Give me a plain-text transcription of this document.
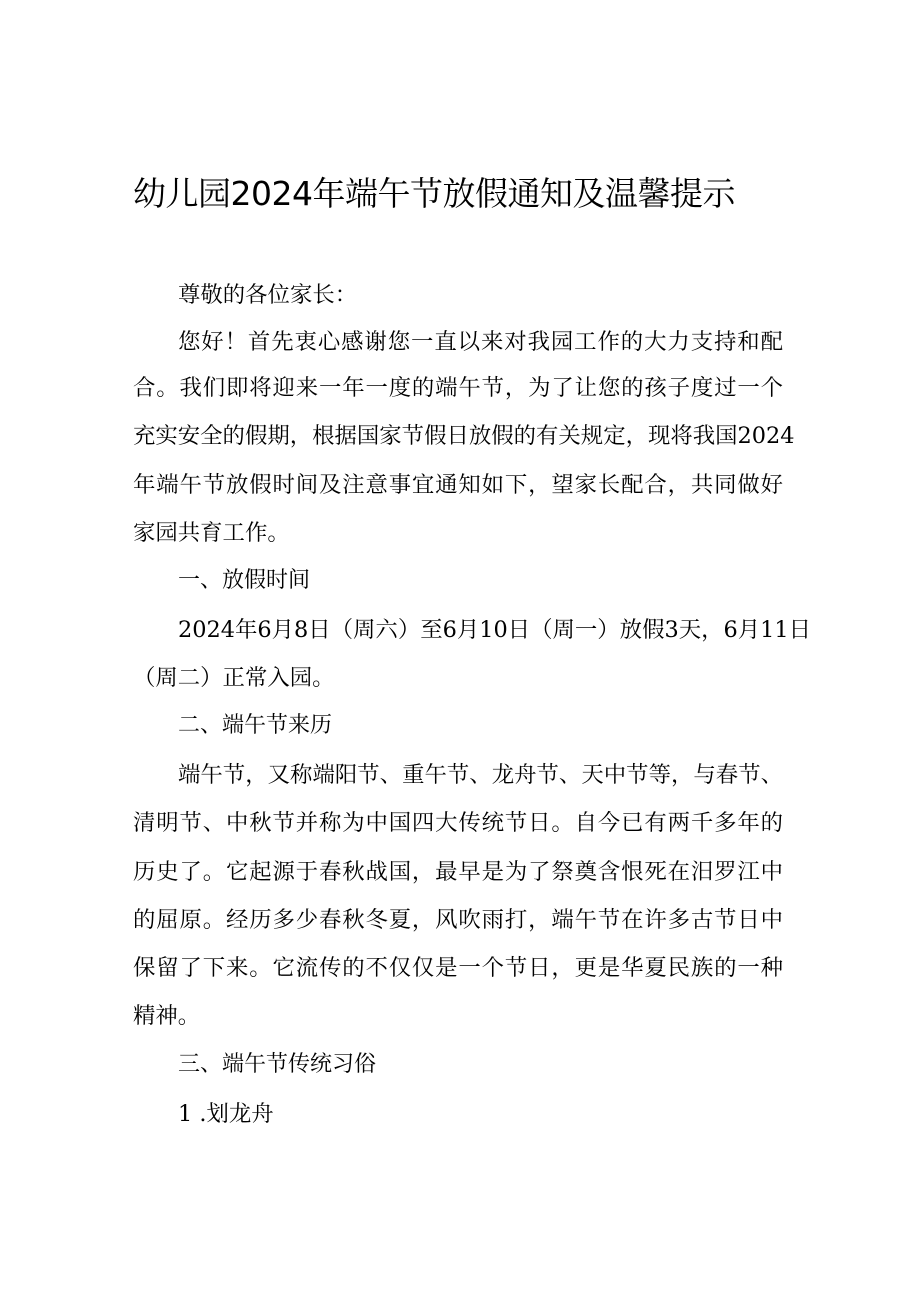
幼儿园2024年端午节放假通知及温馨提示
尊敬的各位家长：
您好！首先衷心感谢您一直以来对我园工作的大力支持和配
合。我们即将迎来一年一度的端午节，为了让您的孩子度过一个
充实安全的假期，根据国家节假日放假的有关规定，现将我国2024
年端午节放假时间及注意事宜通知如下，望家长配合，共同做好
家园共育工作。
一、放假时间
2024年6月8日（周六）至6月10日（周一）放假3天，6月11日
（周二）正常入园。
二、端午节来历
端午节，又称端阳节、重午节、龙舟节、天中节等，与春节、
清明节、中秋节并称为中国四大传统节日。自今已有两千多年的
历史了。它起源于春秋战国，最早是为了祭奠含恨死在汨罗江中
的屈原。经历多少春秋冬夏，风吹雨打，端午节在许多古节日中
保留了下来。它流传的不仅仅是一个节日，更是华夏民族的一种
精神。
三、端午节传统习俗
1 .划龙舟
